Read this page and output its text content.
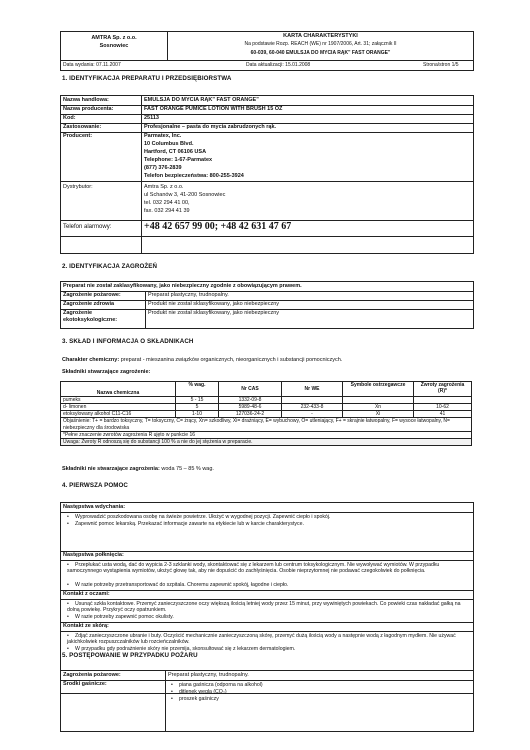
AMTRA Sp. z o.o.
Sosnowiec
KARTA CHARAKTERYSTYKI
Na podstawie Rozp. REACH (WE) nr 1907/2006, Art. 31; załącznik II
60-039, 60-040 EMULSJA DO MYCIA RĄK" FAST ORANGE"
Data wydania: 07.11.2007	Data aktualizacji: 15.01.2008	Strona/stron 1/5
1. IDENTYFIKACJA PREPARATU I PRZEDSIĘBIORSTWA
Nazwa handlowa:	EMULSJA DO MYCIA RĄK" FAST ORANGE"
Nazwa producenta:	FAST ORANGE PUMICE LOTION WITH BRUSH 15 OZ
Kod:	25113
Zastosowanie:	Profesjonalne – pasta do mycia zabrudzonych rąk.
Producent:	Parmatex, Inc.
10 Columbus Blvd.
Hartford, CT 06106 USA
Telephone: 1-67-Parmatex
(877) 376-2839
Telefon bezpieczeństwa: 800-255-3924
Dystrybutor:	Amtra Sp. z o.o.
ul Schanów 3, 41-200 Sosnowiec
tel. 032 294 41 00,
fax. 032 294 41 39
Telefon alarmowy:	+48 42 657 99 00; +48 42 631 47 67
2. IDENTYFIKACJA ZAGROŻEŃ
Preparat nie został zaklasyfikowany, jako niebezpieczny zgodnie z obowiązującym prawem.
Zagrożenie pożarowe:	Preparat plastyczny, trudnopalny.
Zagrożenie zdrowia	Produkt nie został sklasyfikowany, jako niebezpieczny
Zagrożenie ekotoksykologiczne:
Produkt nie został sklasyfikowany, jako niebezpieczny
3. SKŁAD I INFORMACJA O SKŁADNIKACH
Charakter chemiczny: preparat - mieszanina związków organicznych, nieorganicznych i substancji pomocniczych.
Składniki stwarzające zagrożenie:
Nazwa chemiczna	% wag.	Nr CAS	Nr WE	Symbole ostrzegawcze	Zwroty zagrożenia (R)*
pumeks	5 - 15	1332-09-8			
d- limonen	5	5989-48-6	232-433-8	Xn	10-62
etoksylowany alkohol C11-C16	1-10	127036-24-2	-	Xi	41
Objaśnienie: T+ = bardzo toksyczny, T= toksyczny, C= żrący, Xn= szkodliwy, Xi= drażniący, E= wybuchowy, O= utleniający, F+ = skrajnie łatwopalny, F= wysoce łatwopalny, N= niebezpieczny dla środowiska					
*Pełne znaczenie zwrotów zagrożenia R ujęto w punkcie 16					
Uwaga: Zwroty R odnoszą się do substancji 100 % a nie do jej stężenia w preparacie.					
Składniki nie stwarzające zagrożenia: woda 75 – 85 % wag.
4. PIERWSZA POMOC
Następstwa wdychania:
• Wyprowadzić poszkodowana osobę na świeże powietrze. Ułożyć w wygodnej pozycji. Zapewnić ciepło i spokój.
• Zapewnić pomoc lekarską. Przekazać informacje zawarte na etykiecie lub w karcie charakterystyce.
Następstwa połknięcia:
• Przepłukać usta wodą, dać do wypicia 2-3 szklanki wody, skontaktować się z lekarzem lub centrum toksykologicznym. Nie wywoływać wymiotów. W przypadku samoczynnego wystąpienia wymiotów, ułożyć głowę tak, aby nie dopuścić do zachłyśnięcia. Osobie nieprzytomnej nie podawać czegokolwiek do połknięcia.
• W razie potrzeby przetransportować do szpitala. Choremu zapewnić spokój, łagodne i ciepło.
Kontakt z oczami:
• Usunąć szkła kontaktowe. Przemyć zanieczyszczone oczy większą ilością letniej wody przez 15 minut, przy wywiniętych powiekach. Co powieki czas nakładać gałką na dolną powiekę. Przykryć oczy opatrunkiem.
• W razie potrzeby zapewnić pomoc okulisty.
Kontakt ze skórą:
• Zdjąć zanieczyszczone ubranie i buty. Oczyścić mechanicznie zanieczyszczoną skórę, przemyć dużą ilością wody a następnie wodą z łagodnym mydłem. Nie używać jakichkolwiek rozpuszczalników lub rozcieńczalników.
• W przypadku gdy podrażnienie skóry nie przemija, skonsultować się z lekarzem dermatologiem.
5. POSTĘPOWANIE W PRZYPADKU POŻARU
Zagrożenia pożarowe:	Preparat plastyczny, trudnopalny.
Środki gaśnicze:	• piana gaśnicza (odporna na alkohol)
• ditlenek węgla (CO₂)
• proszek gaśniczy
